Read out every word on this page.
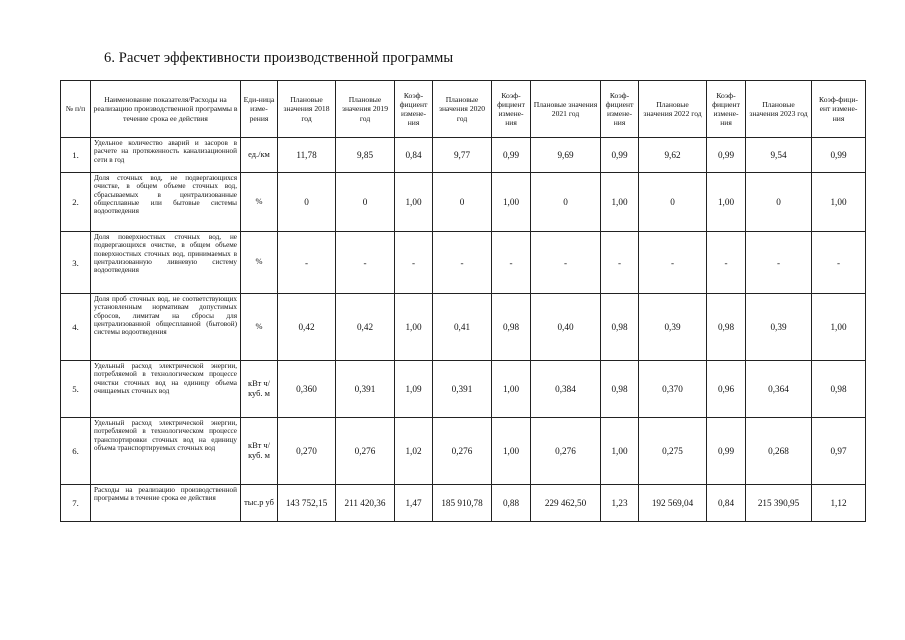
6. Расчет эффективности производственной программы
№ п/п	Наименование показателя/Расходы на реализацию производственной программы в течение срока ее действия	Еди-ница изме-рения	Плановые значения 2018 год	Плановые значения 2019 год	Коэф-фициент измене-ния	Плановые значения 2020 год	Коэф-фициент измене-ния	Плановые значения 2021 год	Коэф-фициент измене-ния	Плановые значения 2022 год	Коэф-фициент измене-ния	Плановые значения 2023 год	Коэф-фици-ент измене-ния
1.	Удельное количество аварий и засоров в расчете на протяженность канализационной сети в год	ед./км	11,78	9,85	0,84	9,77	0,99	9,69	0,99	9,62	0,99	9,54	0,99
2.	Доля сточных вод, не подвергающихся очистке, в общем объеме сточных вод, сбрасываемых в централизованные общесплавные или бытовые системы водоотведения	%	0	0	1,00	0	1,00	0	1,00	0	1,00	0	1,00
3.	Доля поверхностных сточных вод, не подвергающихся очистке, в общем объеме поверхностных сточных вод, принимаемых в централизованную ливневую систему водоотведения	%	-	-	-	-	-	-	-	-	-	-	-
4.	Доля проб сточных вод, не соответствующих установленным нормативам допустимых сбросов, лимитам на сбросы для централизованной общесплавной (бытовой) системы водоотведения	%	0,42	0,42	1,00	0,41	0,98	0,40	0,98	0,39	0,98	0,39	1,00
5.	Удельный расход электрической энергии, потребляемой в технологическом процессе очистки сточных вод на единицу объема очищаемых сточных вод	кВт ч/куб. м	0,360	0,391	1,09	0,391	1,00	0,384	0,98	0,370	0,96	0,364	0,98
6.	Удельный расход электрической энергии, потребляемой в технологическом процессе транспортировки сточных вод на единицу объема транспортируемых сточных вод	кВт ч/куб. м	0,270	0,276	1,02	0,276	1,00	0,276	1,00	0,275	0,99	0,268	0,97
7.	Расходы на реализацию производственной программы в течение срока ее действия	тыс.р уб	143 752,15	211 420,36	1,47	185 910,78	0,88	229 462,50	1,23	192 569,04	0,84	215 390,95	1,12
